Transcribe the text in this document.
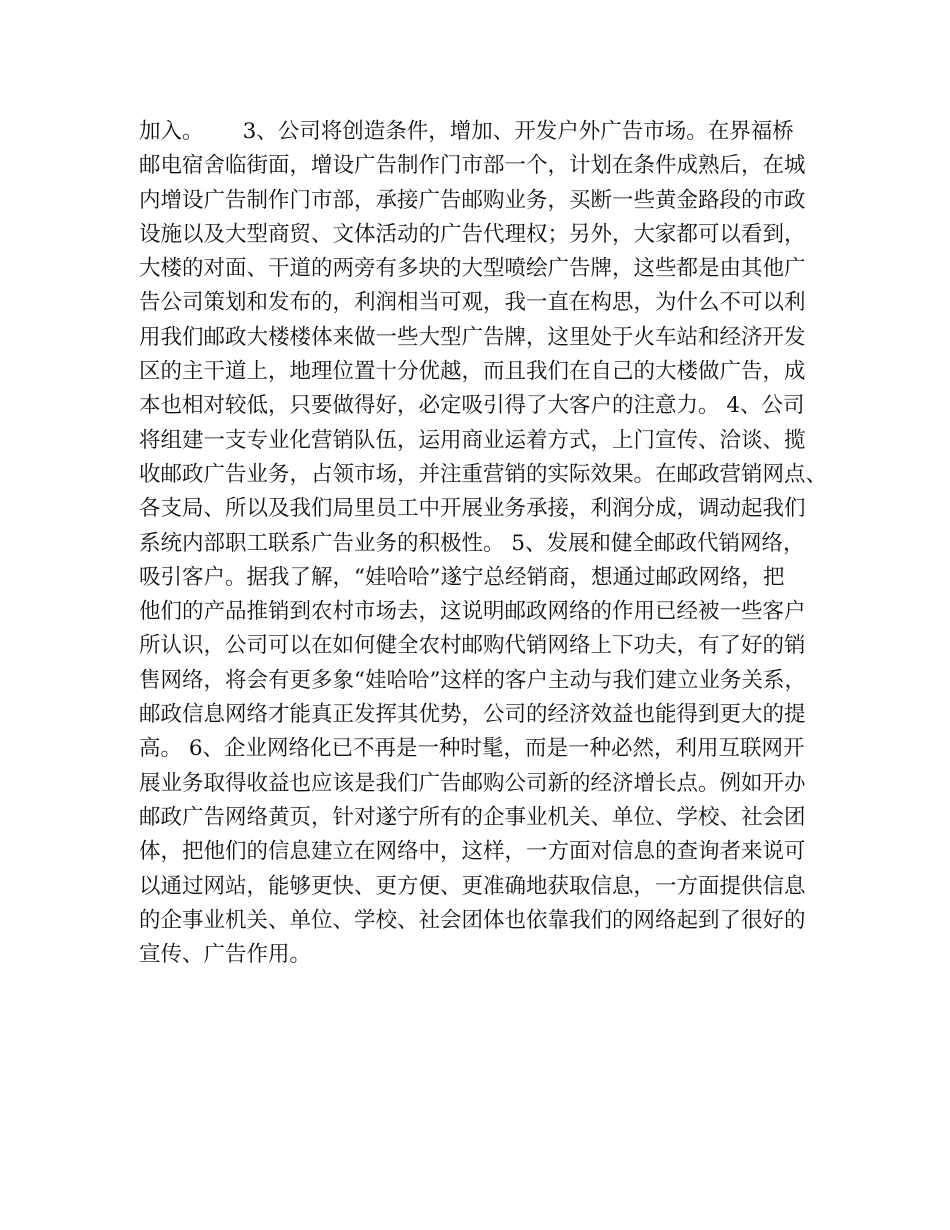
加入。　　 3、公司将创造条件，增加、开发户外广告市场。在界福桥
邮电宿舍临街面，增设广告制作门市部一个，计划在条件成熟后，在城
内增设广告制作门市部，承接广告邮购业务，买断一些黄金路段的市政
设施以及大型商贸、文体活动的广告代理权；另外，大家都可以看到，
大楼的对面、干道的两旁有多块的大型喷绘广告牌，这些都是由其他广
告公司策划和发布的，利润相当可观，我一直在构思，为什么不可以利
用我们邮政大楼楼体来做一些大型广告牌，这里处于火车站和经济开发
区的主干道上，地理位置十分优越，而且我们在自己的大楼做广告，成
本也相对较低，只要做得好，必定吸引得了大客户的注意力。 4、公司
将组建一支专业化营销队伍，运用商业运着方式，上门宣传、洽谈、揽
收邮政广告业务，占领市场，并注重营销的实际效果。在邮政营销网点、
各支局、所以及我们局里员工中开展业务承接，利润分成，调动起我们
系统内部职工联系广告业务的积极性。 5、发展和健全邮政代销网络，
吸引客户。据我了解，“娃哈哈”遂宁总经销商，想通过邮政网络，把
他们的产品推销到农村市场去，这说明邮政网络的作用已经被一些客户
所认识，公司可以在如何健全农村邮购代销网络上下功夫，有了好的销
售网络，将会有更多象“娃哈哈”这样的客户主动与我们建立业务关系，
邮政信息网络才能真正发挥其优势，公司的经济效益也能得到更大的提
高。 6、企业网络化已不再是一种时髦，而是一种必然，利用互联网开
展业务取得收益也应该是我们广告邮购公司新的经济增长点。例如开办
邮政广告网络黄页，针对遂宁所有的企事业机关、单位、学校、社会团
体，把他们的信息建立在网络中，这样，一方面对信息的查询者来说可
以通过网站，能够更快、更方便、更准确地获取信息，一方面提供信息
的企事业机关、单位、学校、社会团体也依靠我们的网络起到了很好的
宣传、广告作用。
